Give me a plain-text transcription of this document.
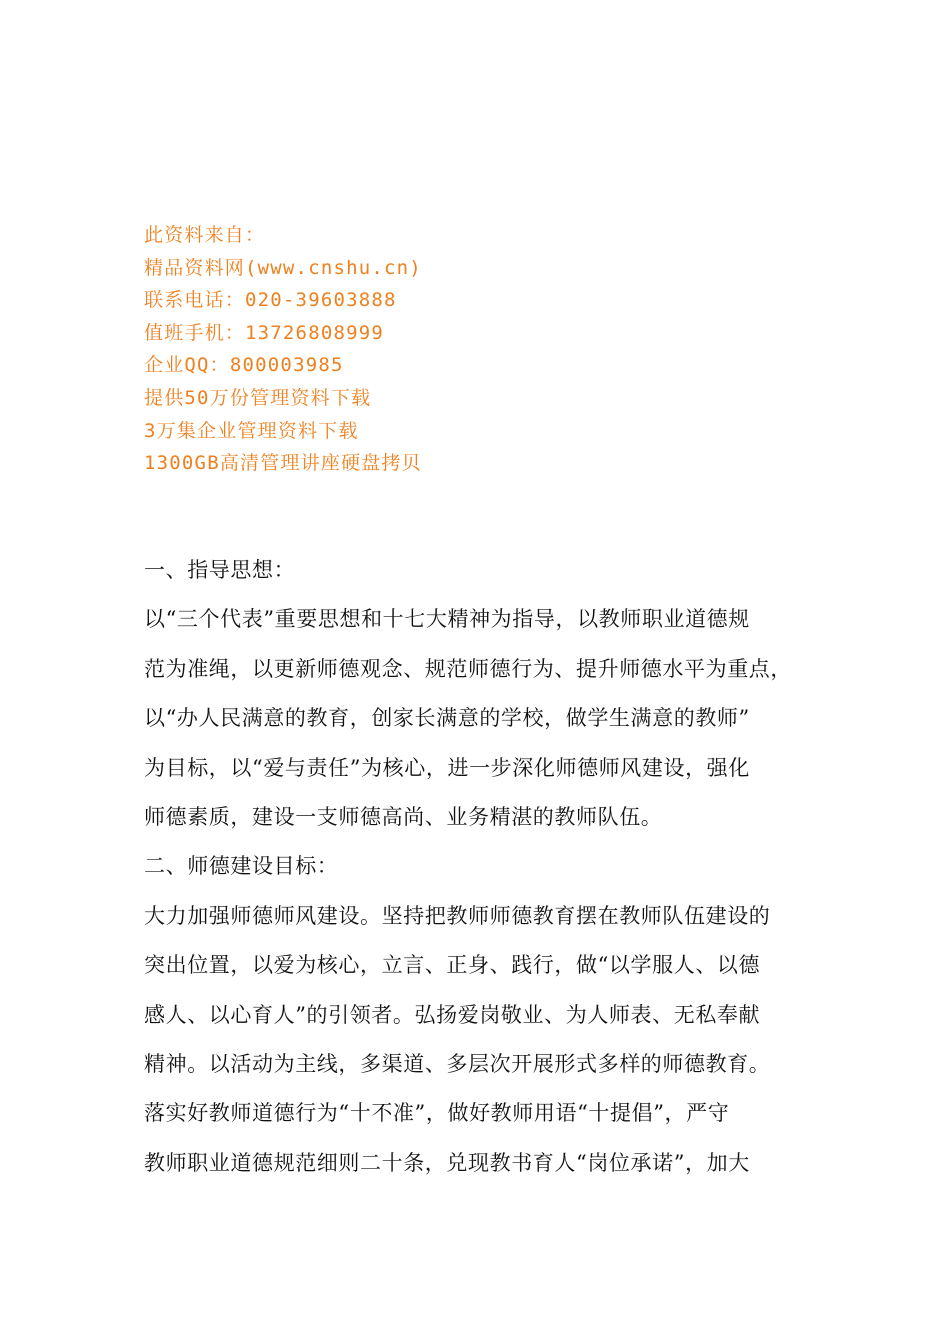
此资料来自：
精品资料网(www.cnshu.cn)
联系电话：020-39603888
值班手机：13726808999
企业QQ：800003985
提供50万份管理资料下载
3万集企业管理资料下载
1300GB高清管理讲座硬盘拷贝
一、指导思想：
以“三个代表”重要思想和十七大精神为指导，以教师职业道德规
范为准绳，以更新师德观念、规范师德行为、提升师德水平为重点，
以“办人民满意的教育，创家长满意的学校，做学生满意的教师”
为目标，以“爱与责任”为核心，进一步深化师德师风建设，强化
师德素质，建设一支师德高尚、业务精湛的教师队伍。
二、师德建设目标：
大力加强师德师风建设。坚持把教师师德教育摆在教师队伍建设的
突出位置，以爱为核心，立言、正身、践行，做“以学服人、以德
感人、以心育人”的引领者。弘扬爱岗敬业、为人师表、无私奉献
精神。以活动为主线，多渠道、多层次开展形式多样的师德教育。
落实好教师道德行为“十不准”，做好教师用语“十提倡”，严守
教师职业道德规范细则二十条，兑现教书育人“岗位承诺”，加大
